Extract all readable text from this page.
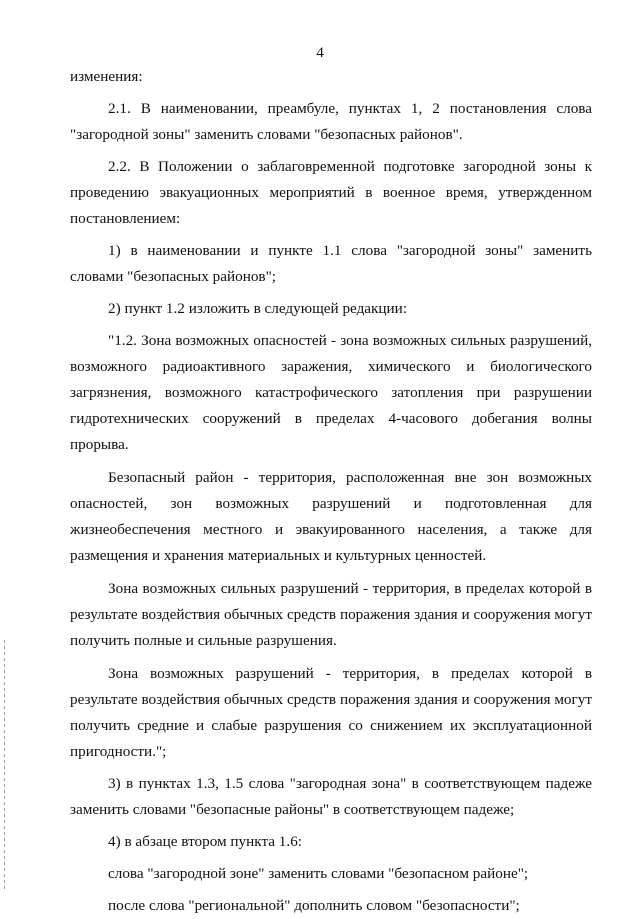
4

изменения:

2.1. В наименовании, преамбуле, пунктах 1, 2 постановления слова "загородной зоны" заменить словами "безопасных районов".

2.2. В Положении о заблаговременной подготовке загородной зоны к проведению эвакуационных мероприятий в военное время, утвержденном постановлением:

1) в наименовании и пункте 1.1 слова "загородной зоны" заменить словами "безопасных районов";

2) пункт 1.2 изложить в следующей редакции:

"1.2. Зона возможных опасностей - зона возможных сильных разрушений, возможного радиоактивного заражения, химического и биологического загрязнения, возможного катастрофического затопления при разрушении гидротехнических сооружений в пределах 4-часового добегания волны прорыва.

Безопасный район - территория, расположенная вне зон возможных опасностей, зон возможных разрушений и подготовленная для жизнеобеспечения местного и эвакуированного населения, а также для размещения и хранения материальных и культурных ценностей.

Зона возможных сильных разрушений - территория, в пределах которой в результате воздействия обычных средств поражения здания и сооружения могут получить полные и сильные разрушения.

Зона возможных разрушений - территория, в пределах которой в результате воздействия обычных средств поражения здания и сооружения могут получить средние и слабые разрушения со снижением их эксплуатационной пригодности.";

3) в пунктах 1.3, 1.5 слова "загородная зона" в соответствующем падеже заменить словами "безопасные районы" в соответствующем падеже;

4) в абзаце втором пункта 1.6:

слова "загородной зоне" заменить словами "безопасном районе";

после слова "региональной" дополнить словом "безопасности";
